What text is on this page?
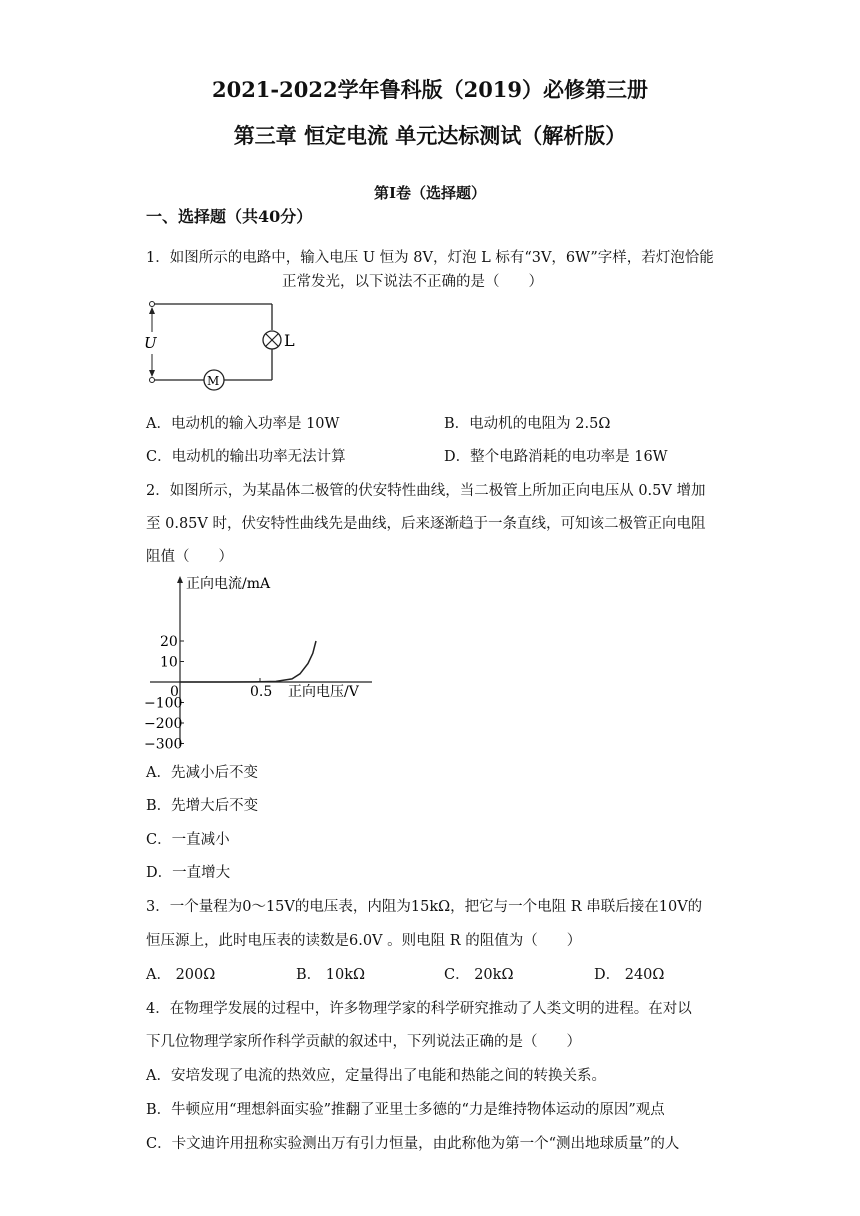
2021-2022学年鲁科版（2019）必修第三册
第三章 恒定电流 单元达标测试（解析版）
第I卷（选择题）
一、选择题（共40分）
1．如图所示的电路中，输入电压 U 恒为 8V，灯泡 L 标有“3V，6W”字样，若灯泡恰能
正常发光，以下说法不正确的是（　　）
L
M
U
A．电动机的输入功率是 10W	B．电动机的电阻为 2.5Ω
C．电动机的输出功率无法计算	D．整个电路消耗的电功率是 16W
2．如图所示，为某晶体二极管的伏安特性曲线，当二极管上所加正向电压从 0.5V 增加
至 0.85V 时，伏安特性曲线先是曲线，后来逐渐趋于一条直线，可知该二极管正向电阻
阻值（　　）
正向电流/mA
正向电压/V
20
10
−100
−200
−300
0	0.5
A．先减小后不变
B．先增大后不变
C．一直减小
D．一直增大
3．一个量程为0～15V的电压表，内阻为15kΩ，把它与一个电阻 R 串联后接在10V的
恒压源上，此时电压表的读数是6.0V 。则电阻 R 的阻值为（　　）
A． 200Ω	B． 10kΩ	C． 20kΩ	D． 240Ω
4．在物理学发展的过程中，许多物理学家的科学研究推动了人类文明的进程。在对以
下几位物理学家所作科学贡献的叙述中，下列说法正确的是（　　）
A．安培发现了电流的热效应，定量得出了电能和热能之间的转换关系。
B．牛顿应用“理想斜面实验”推翻了亚里士多德的“力是维持物体运动的原因”观点
C．卡文迪许用扭称实验测出万有引力恒量，由此称他为第一个“测出地球质量”的人
